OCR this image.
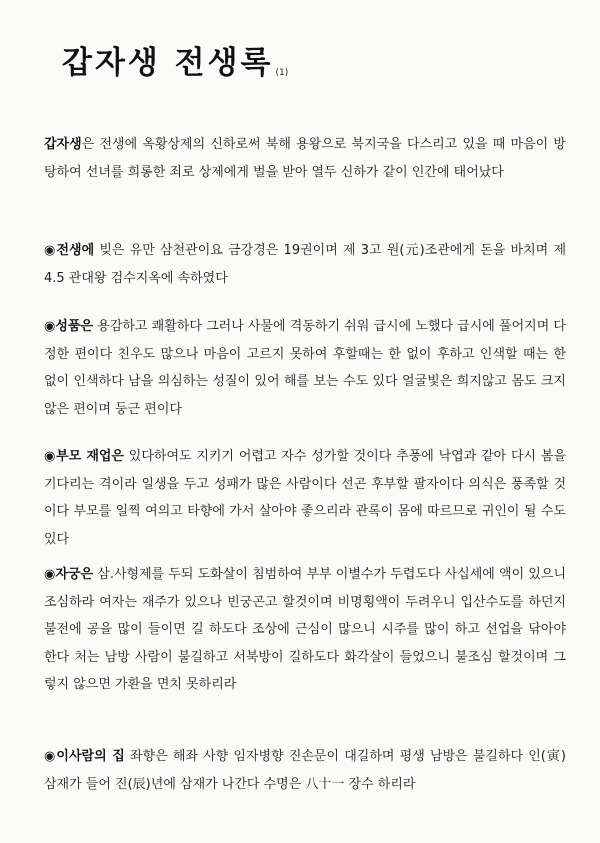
갑자생 전생록 (1)

갑자생은 전생에 옥황상제의 신하로써 북해 용왕으로 북지국을 다스리고 있을 때 마음이 방탕하여 선녀를 희롱한 죄로 상제에게 벌을 받아 열두 신하가 같이 인간에 태어났다

◉전생에 빚은 유만 삼천관이요 금강경은 19권이며 제 3고 원(元)조관에게 돈을 바치며 제 4.5 관대왕 검수지옥에 속하였다

◉성품은 용감하고 쾌활하다 그러나 사물에 격동하기 쉬워 급시에 노했다 급시에 풀어지며 다정한 편이다 친우도 많으나 마음이 고르지 못하여 후할때는 한 없이 후하고 인색할 때는 한 없이 인색하다 남을 의심하는 성질이 있어 해를 보는 수도 있다 얼굴빛은 희지않고 몸도 크지 않은 편이며 둥근 편이다

◉부모 재업은 있다하여도 지키기 어렵고 자수 성가할 것이다 추풍에 낙엽과 같아 다시 봄을 기다리는 격이라 일생을 두고 성패가 많은 사람이다 선곤 후부할 팔자이다 의식은 풍족할 것이다 부모를 일찍 여의고 타향에 가서 살아야 좋으리라 관록이 몸에 따르므로 귀인이 될 수도 있다

◉자궁은 삼.사형제를 두되 도화살이 침범하여 부부 이별수가 두렵도다 사십세에 액이 있으니 조심하라 여자는 재주가 있으나 빈궁곤고 할것이며 비명횡액이 두려우니 입산수도를 하던지 불전에 공을 많이 들이면 길 하도다 조상에 근심이 많으니 시주를 많이 하고 선업을 닦아야 한다 처는 남방 사람이 불길하고 서북방이 길하도다 화각살이 들었으니 불조심 할것이며 그렇지 않으면 가환을 면치 못하리라

◉이사람의 집 좌향은 해좌 사향 임자병향 진손문이 대길하며 평생 남방은 불길하다 인(寅) 삼재가 들어 진(辰)년에 삼재가 나간다 수명은 八十一 장수 하리라
